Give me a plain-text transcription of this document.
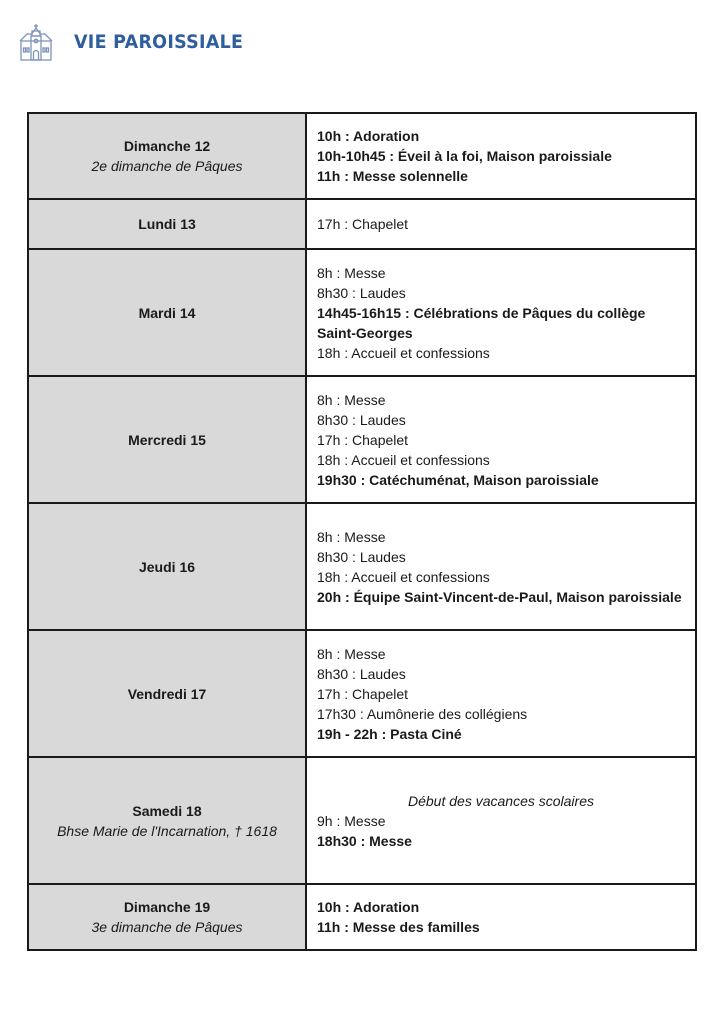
VIE PAROISSIALE
Dimanche 12
2e dimanche de Pâques	10h : Adoration
10h-10h45 : Éveil à la foi, Maison paroissiale
11h : Messe solennelle

Lundi 13	17h : Chapelet

Mardi 14	8h : Messe
8h30 : Laudes
14h45-16h15 : Célébrations de Pâques du collège Saint-Georges
18h : Accueil et confessions

Mercredi 15	8h : Messe
8h30 : Laudes
17h : Chapelet
18h : Accueil et confessions
19h30 : Catéchuménat, Maison paroissiale

Jeudi 16	8h : Messe
8h30 : Laudes
18h : Accueil et confessions
20h : Équipe Saint-Vincent-de-Paul, Maison paroissiale

Vendredi 17	8h : Messe
8h30 : Laudes
17h : Chapelet
17h30 : Aumônerie des collégiens
19h - 22h : Pasta Ciné

Samedi 18
Bhse Marie de l'Incarnation, † 1618	Début des vacances scolaires
9h : Messe
18h30 : Messe

Dimanche 19
3e dimanche de Pâques	10h : Adoration
11h : Messe des familles
